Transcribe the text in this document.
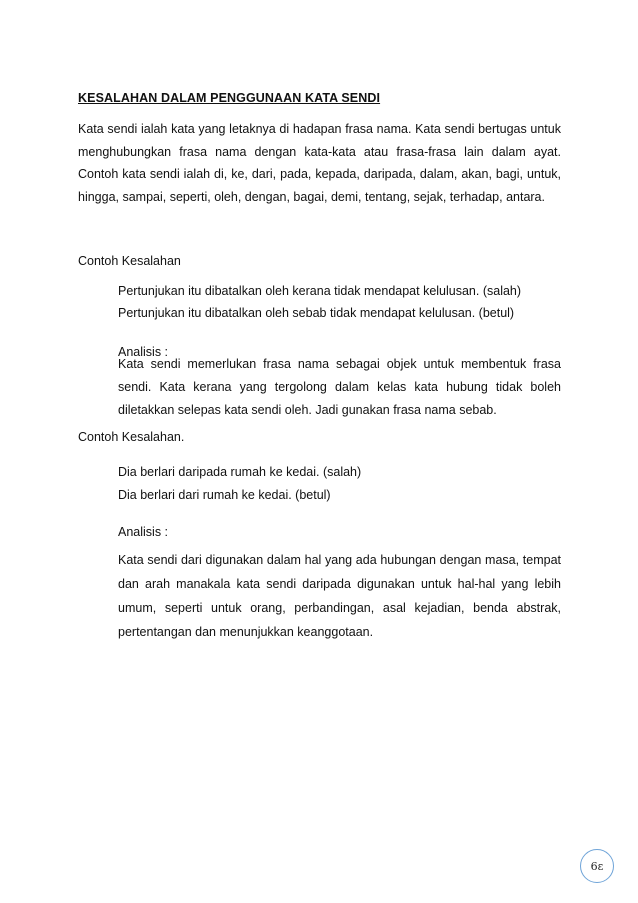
KESALAHAN DALAM PENGGUNAAN KATA SENDI
Kata sendi ialah kata yang letaknya di hadapan frasa nama. Kata sendi bertugas untuk menghubungkan frasa nama dengan kata-kata atau frasa-frasa lain dalam ayat. Contoh kata sendi ialah di, ke, dari, pada, kepada, daripada, dalam, akan, bagi, untuk, hingga, sampai, seperti, oleh, dengan, bagai, demi, tentang, sejak, terhadap, antara.
Contoh Kesalahan
Pertunjukan itu dibatalkan oleh kerana tidak mendapat kelulusan. (salah)
Pertunjukan itu dibatalkan oleh sebab tidak mendapat kelulusan. (betul)
Analisis :
Kata sendi memerlukan frasa nama sebagai objek untuk membentuk frasa sendi. Kata kerana yang tergolong dalam kelas kata hubung tidak boleh diletakkan selepas kata sendi oleh. Jadi gunakan frasa nama sebab.
Contoh Kesalahan.
Dia berlari daripada rumah ke kedai. (salah)
Dia berlari dari rumah ke kedai. (betul)
Analisis :
Kata sendi dari digunakan dalam hal yang ada hubungan dengan masa, tempat dan arah manakala kata sendi daripada digunakan untuk hal-hal yang lebih umum, seperti untuk orang, perbandingan, asal kejadian, benda abstrak, pertentangan dan menunjukkan keanggotaan.
6ε
